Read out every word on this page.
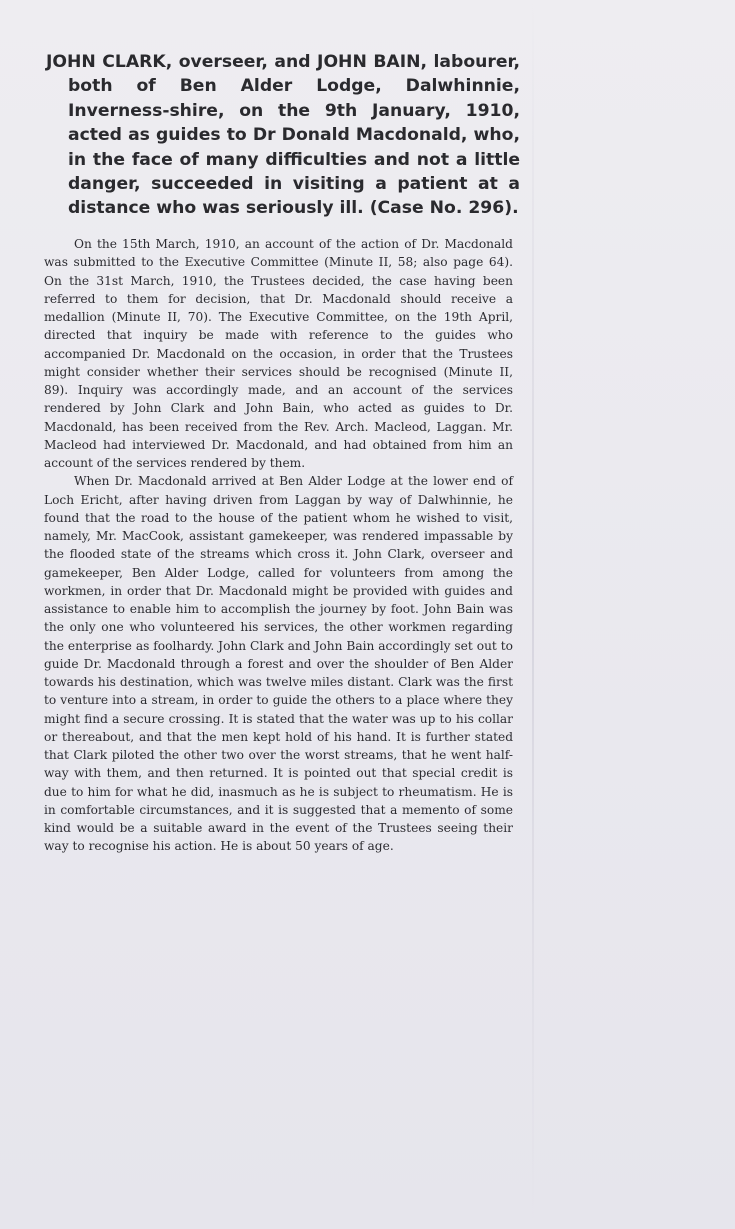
JOHN CLARK, overseer, and JOHN BAIN, labourer, both of Ben Alder Lodge, Dalwhinnie, Inverness-shire, on the 9th January, 1910, acted as guides to Dr Donald Macdonald, who, in the face of many difficulties and not a little danger, succeeded in visiting a patient at a distance who was seriously ill. (Case No. 296).

On the 15th March, 1910, an account of the action of Dr. Macdonald was submitted to the Executive Committee (Minute II, 58; also page 64). On the 31st March, 1910, the Trustees decided, the case having been referred to them for decision, that Dr. Macdonald should receive a medallion (Minute II, 70). The Executive Committee, on the 19th April, directed that inquiry be made with reference to the guides who accompanied Dr. Macdonald on the occasion, in order that the Trustees might consider whether their services should be recognised (Minute II, 89). Inquiry was accordingly made, and an account of the services rendered by John Clark and John Bain, who acted as guides to Dr. Macdonald, has been received from the Rev. Arch. Macleod, Laggan. Mr. Macleod had interviewed Dr. Macdonald, and had obtained from him an account of the services rendered by them.

When Dr. Macdonald arrived at Ben Alder Lodge at the lower end of Loch Ericht, after having driven from Laggan by way of Dalwhinnie, he found that the road to the house of the patient whom he wished to visit, namely, Mr. MacCook, assistant gamekeeper, was rendered impassable by the flooded state of the streams which cross it. John Clark, overseer and gamekeeper, Ben Alder Lodge, called for volunteers from among the workmen, in order that Dr. Macdonald might be provided with guides and assistance to enable him to accomplish the journey by foot. John Bain was the only one who volunteered his services, the other workmen regarding the enterprise as foolhardy. John Clark and John Bain accordingly set out to guide Dr. Macdonald through a forest and over the shoulder of Ben Alder towards his destination, which was twelve miles distant. Clark was the first to venture into a stream, in order to guide the others to a place where they might find a secure crossing. It is stated that the water was up to his collar or thereabout, and that the men kept hold of his hand. It is further stated that Clark piloted the other two over the worst streams, that he went half-way with them, and then returned. It is pointed out that special credit is due to him for what he did, inasmuch as he is subject to rheumatism. He is in comfortable circumstances, and it is suggested that a memento of some kind would be a suitable award in the event of the Trustees seeing their way to recognise his action. He is about 50 years of age.
